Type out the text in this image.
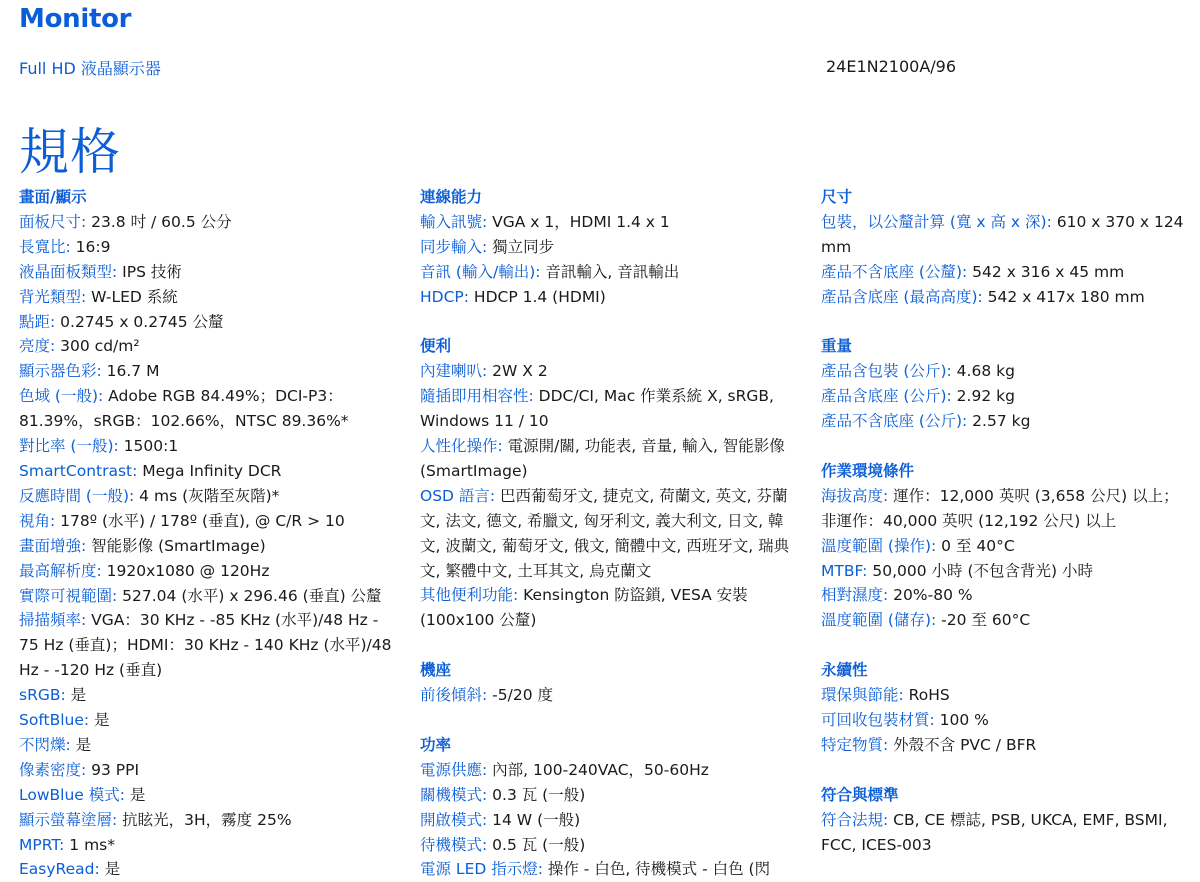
Monitor
Full HD 液晶顯示器	24E1N2100A/96
規格
畫面/顯示
面板尺寸: 23.8 吋 / 60.5 公分
長寬比: 16:9
液晶面板類型: IPS 技術
背光類型: W-LED 系統
點距: 0.2745 x 0.2745 公釐
亮度: 300 cd/m²
顯示器色彩: 16.7 M
色域 (一般): Adobe RGB 84.49%；DCI-P3：81.39%，sRGB：102.66%，NTSC 89.36%*
對比率 (一般): 1500:1
SmartContrast: Mega Infinity DCR
反應時間 (一般): 4 ms (灰階至灰階)*
視角: 178º (水平) / 178º (垂直), @ C/R > 10
畫面增強: 智能影像 (SmartImage)
最高解析度: 1920x1080 @ 120Hz
實際可視範圍: 527.04 (水平) x 296.46 (垂直) 公釐
掃描頻率: VGA：30 KHz - -85 KHz (水平)/48 Hz - 75 Hz (垂直)；HDMI：30 KHz - 140 KHz (水平)/48 Hz - -120 Hz (垂直)
sRGB: 是
SoftBlue: 是
不閃爍: 是
像素密度: 93 PPI
LowBlue 模式: 是
顯示螢幕塗層: 抗眩光，3H，霧度 25%
MPRT: 1 ms*
EasyRead: 是
連線能力
輸入訊號: VGA x 1，HDMI 1.4 x 1
同步輸入: 獨立同步
音訊 (輸入/輸出): 音訊輸入, 音訊輸出
HDCP: HDCP 1.4 (HDMI)
便利
內建喇叭: 2W X 2
隨插即用相容性: DDC/CI, Mac 作業系統 X, sRGB, Windows 11 / 10
人性化操作: 電源開/關, 功能表, 音量, 輸入, 智能影像 (SmartImage)
OSD 語言: 巴西葡萄牙文, 捷克文, 荷蘭文, 英文, 芬蘭文, 法文, 德文, 希臘文, 匈牙利文, 義大利文, 日文, 韓文, 波蘭文, 葡萄牙文, 俄文, 簡體中文, 西班牙文, 瑞典文, 繁體中文, 土耳其文, 烏克蘭文
其他便利功能: Kensington 防盜鎖, VESA 安裝 (100x100 公釐)
機座
前後傾斜: -5/20 度
功率
電源供應: 內部, 100-240VAC，50-60Hz
關機模式: 0.3 瓦 (一般)
開啟模式: 14 W (一般)
待機模式: 0.5 瓦 (一般)
電源 LED 指示燈: 操作 - 白色, 待機模式 - 白色 (閃
尺寸
包裝，以公釐計算 (寬 x 高 x 深): 610 x 370 x 124 mm
產品不含底座 (公釐): 542 x 316 x 45 mm
產品含底座 (最高高度): 542 x 417x 180 mm
重量
產品含包裝 (公斤): 4.68 kg
產品含底座 (公斤): 2.92 kg
產品不含底座 (公斤): 2.57 kg
作業環境條件
海拔高度: 運作：12,000 英呎 (3,658 公尺) 以上；非運作：40,000 英呎 (12,192 公尺) 以上
溫度範圍 (操作): 0 至 40°C
MTBF: 50,000 小時 (不包含背光) 小時
相對濕度: 20%-80 %
溫度範圍 (儲存): -20 至 60°C
永續性
環保與節能: RoHS
可回收包裝材質: 100 %
特定物質: 外殼不含 PVC / BFR
符合與標準
符合法規: CB, CE 標誌, PSB, UKCA, EMF, BSMI, FCC, ICES-003
